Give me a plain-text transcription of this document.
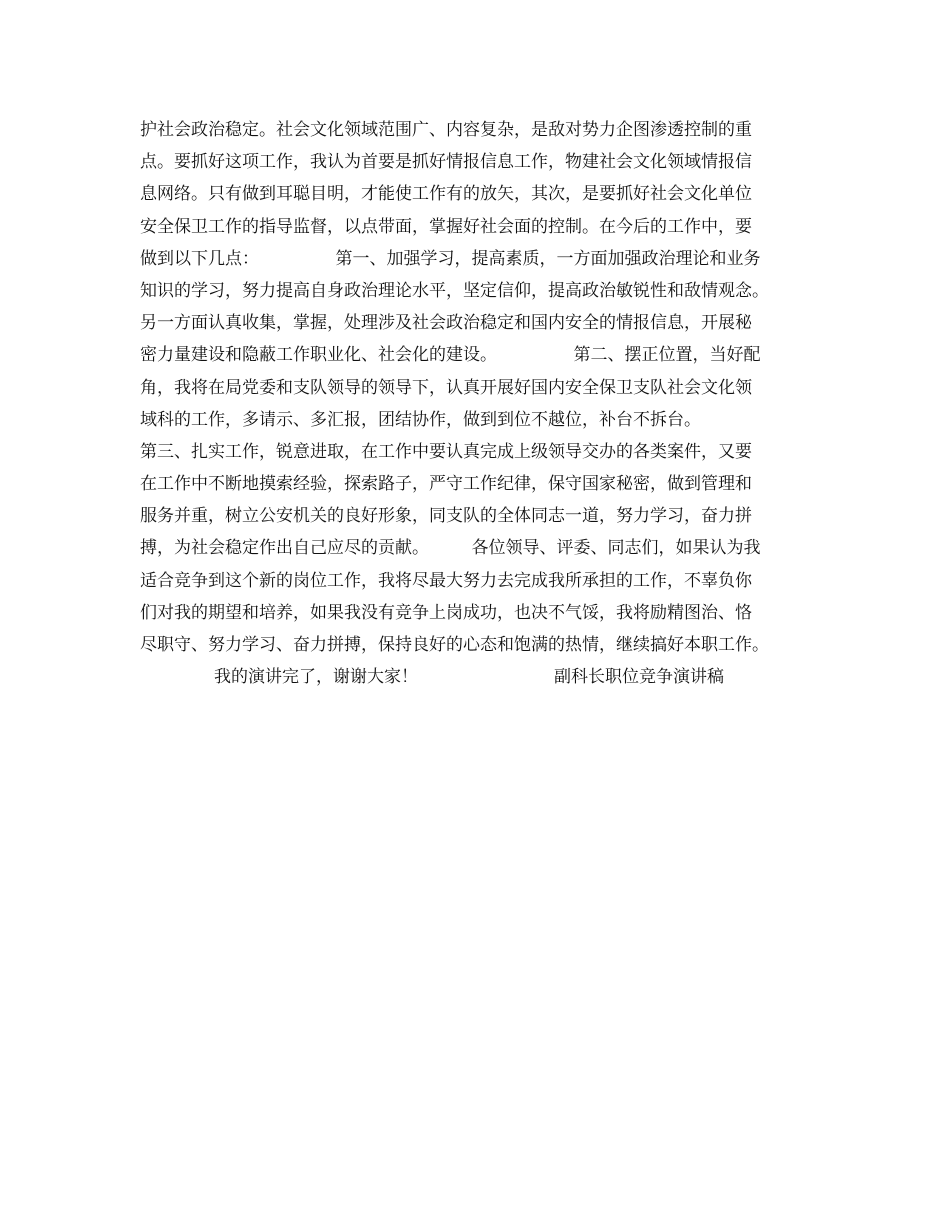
护社会政治稳定。社会文化领域范围广、内容复杂，是敌对势力企图渗透控制的重
点。要抓好这项工作，我认为首要是抓好情报信息工作，物建社会文化领域情报信
息网络。只有做到耳聪目明，才能使工作有的放矢，其次，是要抓好社会文化单位
安全保卫工作的指导监督，以点带面，掌握好社会面的控制。在今后的工作中，要
做到以下几点：　　　　　第一、加强学习，提高素质，一方面加强政治理论和业务
知识的学习，努力提高自身政治理论水平，坚定信仰，提高政治敏锐性和敌情观念。
另一方面认真收集，掌握，处理涉及社会政治稳定和国内安全的情报信息，开展秘
密力量建设和隐蔽工作职业化、社会化的建设。　　　　　第二、摆正位置，当好配
角，我将在局党委和支队领导的领导下，认真开展好国内安全保卫支队社会文化领
域科的工作，多请示、多汇报，团结协作，做到到位不越位，补台不拆台。
第三、扎实工作，锐意进取，在工作中要认真完成上级领导交办的各类案件，又要
在工作中不断地摸索经验，探索路子，严守工作纪律，保守国家秘密，做到管理和
服务并重，树立公安机关的良好形象，同支队的全体同志一道，努力学习，奋力拼
搏，为社会稳定作出自己应尽的贡献。　　　各位领导、评委、同志们，如果认为我
适合竞争到这个新的岗位工作，我将尽最大努力去完成我所承担的工作，不辜负你
们对我的期望和培养，如果我没有竞争上岗成功，也决不气馁，我将励精图治、恪
尽职守、努力学习、奋力拼搏，保持良好的心态和饱满的热情，继续搞好本职工作。
我的演讲完了，谢谢大家！　　　　　　　　副科长职位竞争演讲稿
